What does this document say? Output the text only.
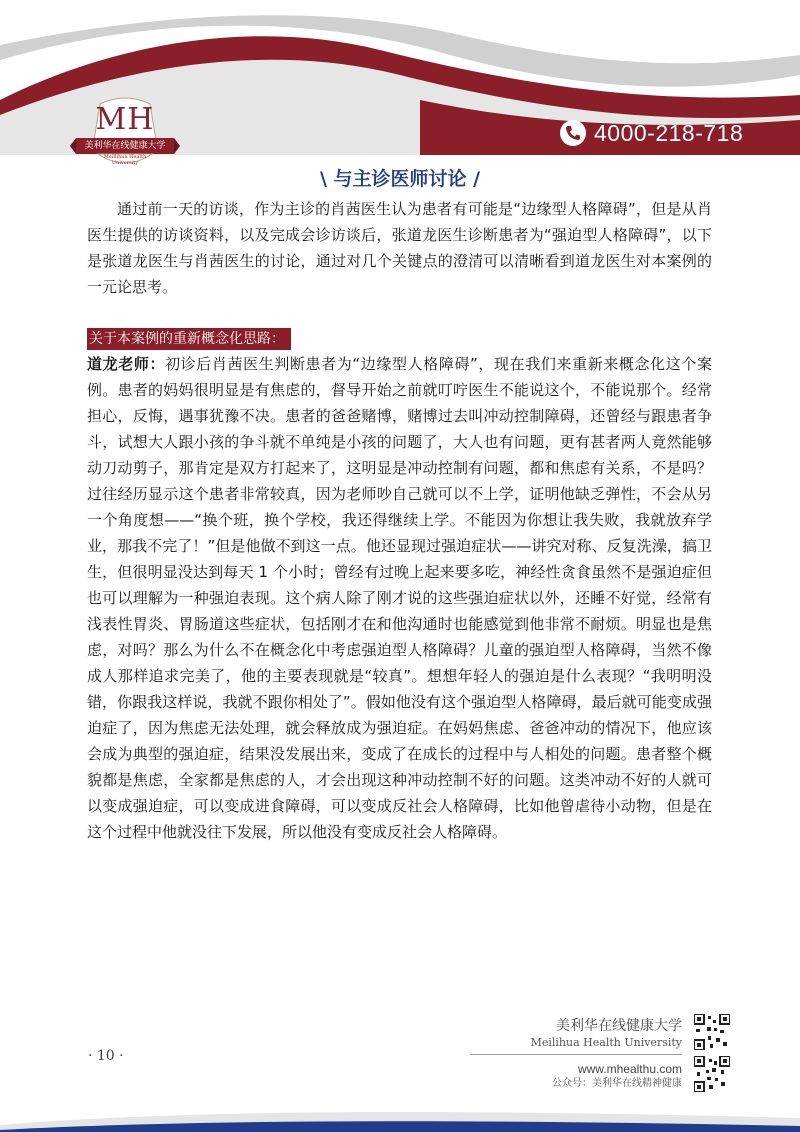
MH
美利华在线健康大学
Meillihua Health University
4000-218-718
\ 与主诊医师讨论 /

通过前一天的访谈，作为主诊的肖茜医生认为患者有可能是“边缘型人格障碍”，但是从肖医生提供的访谈资料，以及完成会诊访谈后，张道龙医生诊断患者为“强迫型人格障碍”，以下是张道龙医生与肖茜医生的讨论，通过对几个关键点的澄清可以清晰看到道龙医生对本案例的一元论思考。

关于本案例的重新概念化思路：

道龙老师：初诊后肖茜医生判断患者为“边缘型人格障碍”，现在我们来重新来概念化这个案例。患者的妈妈很明显是有焦虑的，督导开始之前就叮咛医生不能说这个，不能说那个。经常担心，反悔，遇事犹豫不决。患者的爸爸赌博，赌博过去叫冲动控制障碍，还曾经与跟患者争斗，试想大人跟小孩的争斗就不单纯是小孩的问题了，大人也有问题，更有甚者两人竟然能够动刀动剪子，那肯定是双方打起来了，这明显是冲动控制有问题，都和焦虑有关系，不是吗？过往经历显示这个患者非常较真，因为老师吵自己就可以不上学，证明他缺乏弹性，不会从另一个角度想——“换个班，换个学校，我还得继续上学。不能因为你想让我失败，我就放弃学业，那我不完了！”但是他做不到这一点。他还显现过强迫症状——讲究对称、反复洗澡，搞卫生，但很明显没达到每天 1 个小时；曾经有过晚上起来要多吃，神经性贪食虽然不是强迫症但也可以理解为一种强迫表现。这个病人除了刚才说的这些强迫症状以外，还睡不好觉，经常有浅表性胃炎、胃肠道这些症状，包括刚才在和他沟通时也能感觉到他非常不耐烦。明显也是焦虑，对吗？那么为什么不在概念化中考虑强迫型人格障碍？儿童的强迫型人格障碍，当然不像成人那样追求完美了，他的主要表现就是“较真”。想想年轻人的强迫是什么表现？“我明明没错，你跟我这样说，我就不跟你相处了”。假如他没有这个强迫型人格障碍，最后就可能变成强迫症了，因为焦虑无法处理，就会释放成为强迫症。在妈妈焦虑、爸爸冲动的情况下，他应该会成为典型的强迫症，结果没发展出来，变成了在成长的过程中与人相处的问题。患者整个概貌都是焦虑，全家都是焦虑的人，才会出现这种冲动控制不好的问题。这类冲动不好的人就可以变成强迫症，可以变成进食障碍，可以变成反社会人格障碍，比如他曾虐待小动物，但是在这个过程中他就没往下发展，所以他没有变成反社会人格障碍。

· 10 ·
美利华在线健康大学
Meilihua Health University
www.mhealthu.com
公众号：美利华在线精神健康
